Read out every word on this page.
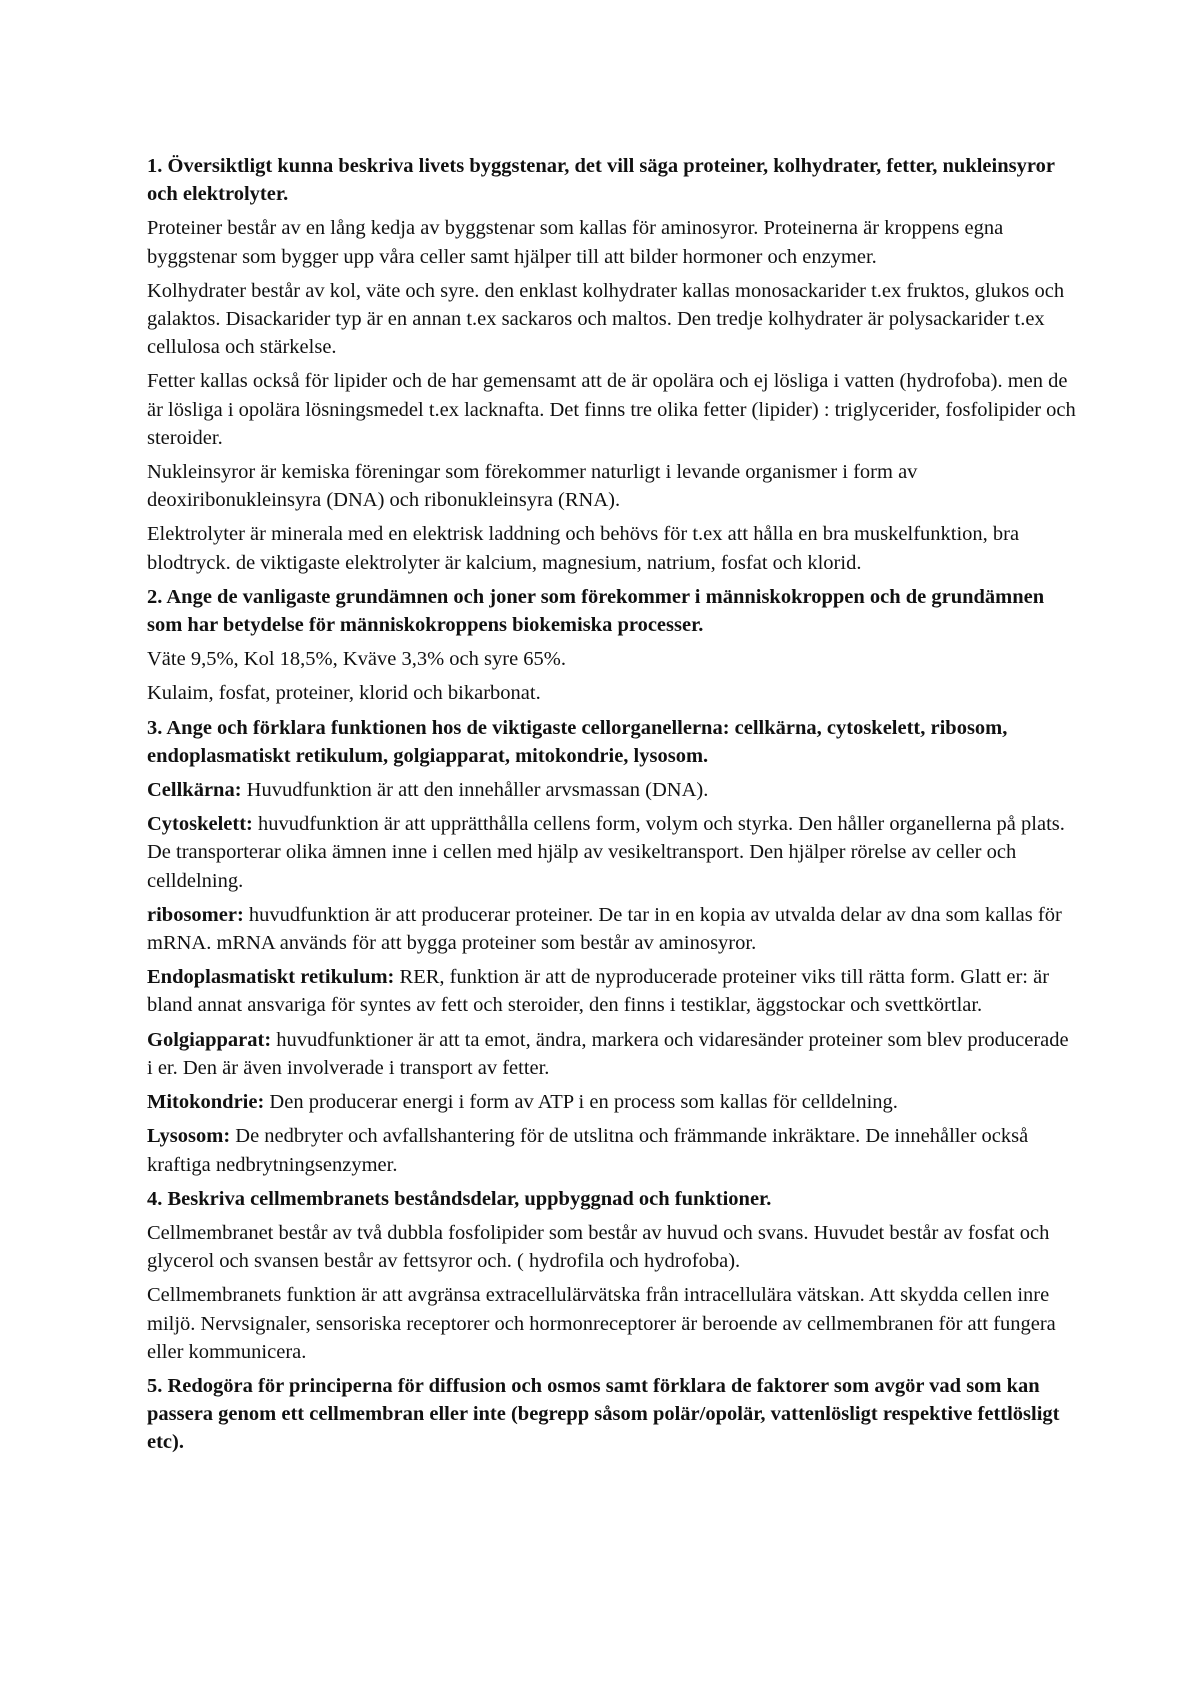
1. Översiktligt kunna beskriva livets byggstenar, det vill säga proteiner, kolhydrater, fetter, nukleinsyror och elektrolyter.
Proteiner består av en lång kedja av byggstenar som kallas för aminosyror. Proteinerna är kroppens egna byggstenar som bygger upp våra celler samt hjälper till att bilder hormoner och enzymer.
Kolhydrater består av kol, väte och syre. den enklast kolhydrater kallas monosackarider t.ex fruktos, glukos och galaktos. Disackarider typ är en annan t.ex sackaros och maltos. Den tredje kolhydrater är polysackarider t.ex cellulosa och stärkelse.
Fetter kallas också för lipider och de har gemensamt att de är opolära och ej lösliga i vatten (hydrofoba). men de är lösliga i opolära lösningsmedel t.ex lacknafta. Det finns tre olika fetter (lipider) : triglycerider, fosfolipider och steroider.
Nukleinsyror är kemiska föreningar som förekommer naturligt i levande organismer i form av deoxiribonukleinsyra (DNA) och ribonukleinsyra (RNA).
Elektrolyter är minerala med en elektrisk laddning och behövs för t.ex att hålla en bra muskelfunktion, bra blodtryck. de viktigaste elektrolyter är kalcium, magnesium, natrium, fosfat och klorid.
2. Ange de vanligaste grundämnen och joner som förekommer i människokroppen och de grundämnen som har betydelse för människokroppens biokemiska processer.
Väte 9,5%, Kol 18,5%, Kväve 3,3% och syre 65%.
Kulaim, fosfat, proteiner, klorid och bikarbonat.
3. Ange och förklara funktionen hos de viktigaste cellorganellerna: cellkärna, cytoskelett, ribosom, endoplasmatiskt retikulum, golgiapparat, mitokondrie, lysosom.
Cellkärna: Huvudfunktion är att den innehåller arvsmassan (DNA).
Cytoskelett: huvudfunktion är att upprätthålla cellens form, volym och styrka. Den håller organellerna på plats. De transporterar olika ämnen inne i cellen med hjälp av vesikeltransport. Den hjälper rörelse av celler och celldelning.
ribosomer: huvudfunktion är att producerar proteiner. De tar in en kopia av utvalda delar av dna som kallas för mRNA. mRNA används för att bygga proteiner som består av aminosyror.
Endoplasmatiskt retikulum: RER, funktion är att de nyproducerade proteiner viks till rätta form. Glatt er: är bland annat ansvariga för syntes av fett och steroider, den finns i testiklar, äggstockar och svettkörtlar.
Golgiapparat: huvudfunktioner är att ta emot, ändra, markera och vidaresänder proteiner som blev producerade i er. Den är även involverade i transport av fetter.
Mitokondrie: Den producerar energi i form av ATP i en process som kallas för celldelning.
Lysosom: De nedbryter och avfallshantering för de utslitna och främmande inkräktare. De innehåller också kraftiga nedbrytningsenzymer.
4. Beskriva cellmembranets beståndsdelar, uppbyggnad och funktioner.
Cellmembranet består av två dubbla fosfolipider som består av huvud och svans. Huvudet består av fosfat och glycerol och svansen består av fettsyror och. ( hydrofila och hydrofoba).
Cellmembranets funktion är att avgränsa extracellulärvätska från intracellulära vätskan. Att skydda cellen inre miljö. Nervsignaler, sensoriska receptorer och hormonreceptorer är beroende av cellmembranen för att fungera eller kommunicera.
5. Redogöra för principerna för diffusion och osmos samt förklara de faktorer som avgör vad som kan passera genom ett cellmembran eller inte (begrepp såsom polär/opolär, vattenlösligt respektive fettlösligt etc).
